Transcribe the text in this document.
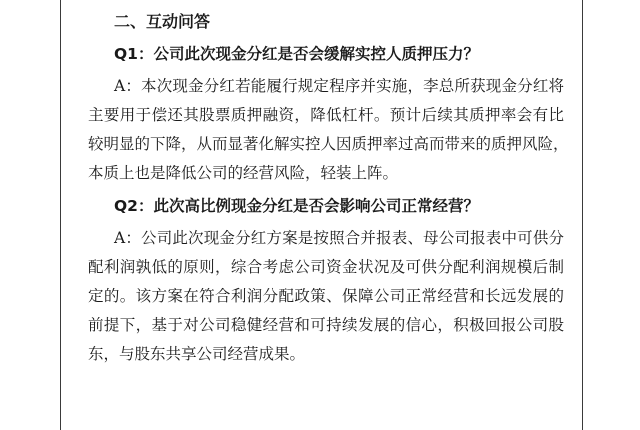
二、互动问答
Q1：公司此次现金分红是否会缓解实控人质押压力？
A：本次现金分红若能履行规定程序并实施，李总所获现金分红将
主要用于偿还其股票质押融资，降低杠杆。预计后续其质押率会有比
较明显的下降，从而显著化解实控人因质押率过高而带来的质押风险，
本质上也是降低公司的经营风险，轻装上阵。
Q2：此次高比例现金分红是否会影响公司正常经营？
A：公司此次现金分红方案是按照合并报表、母公司报表中可供分
配利润孰低的原则，综合考虑公司资金状况及可供分配利润规模后制
定的。该方案在符合利润分配政策、保障公司正常经营和长远发展的
前提下，基于对公司稳健经营和可持续发展的信心，积极回报公司股
东，与股东共享公司经营成果。
